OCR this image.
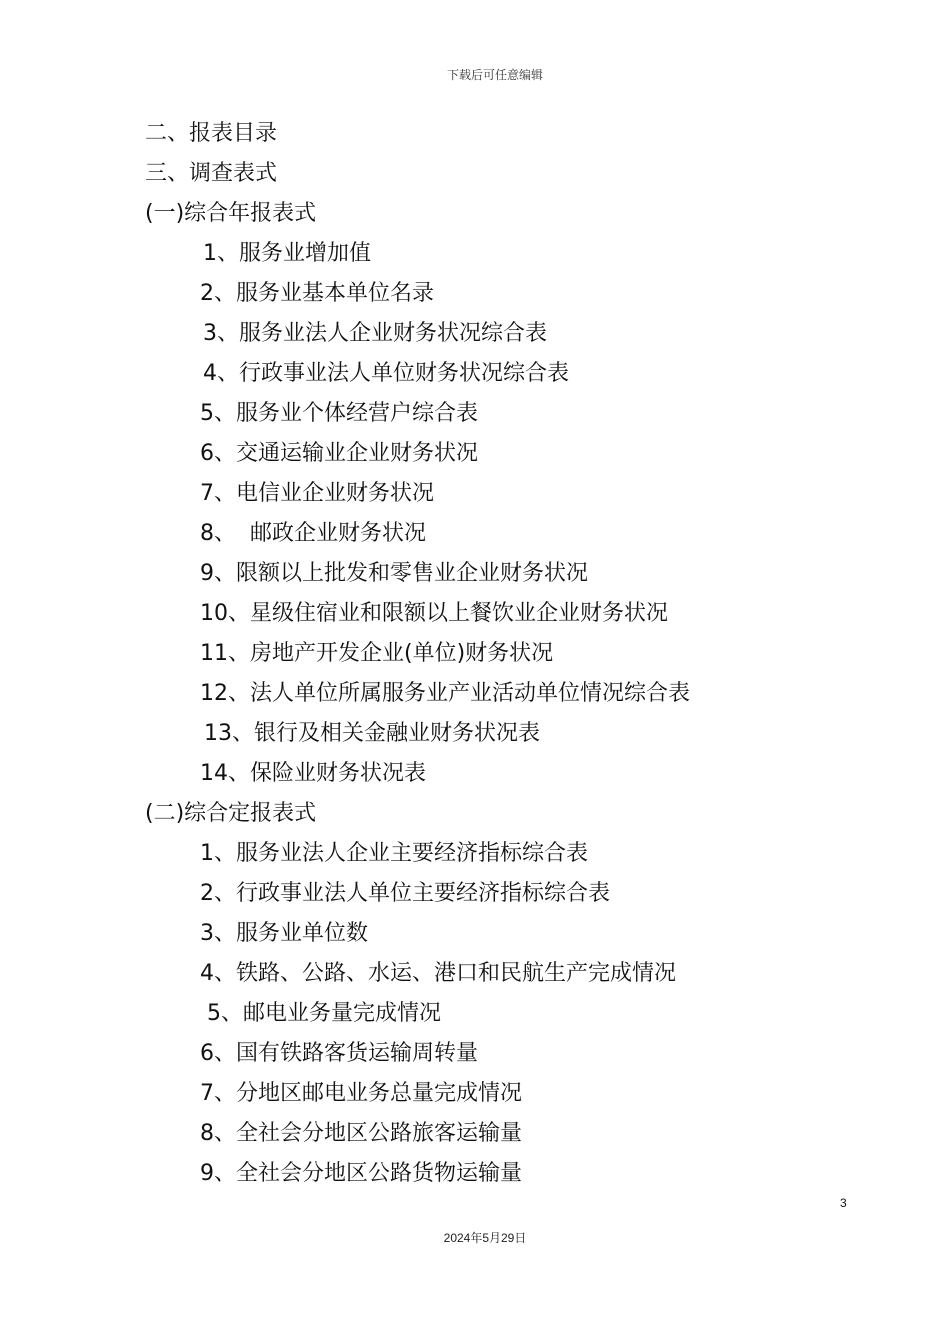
下载后可任意编辑
二、报表目录
三、调查表式
(一)综合年报表式
1、服务业增加值
2、服务业基本单位名录
3、服务业法人企业财务状况综合表
4、行政事业法人单位财务状况综合表
5、服务业个体经营户综合表
6、交通运输业企业财务状况
7、电信业企业财务状况
8、  邮政企业财务状况
9、限额以上批发和零售业企业财务状况
10、星级住宿业和限额以上餐饮业企业财务状况
11、房地产开发企业(单位)财务状况
12、法人单位所属服务业产业活动单位情况综合表
13、银行及相关金融业财务状况表
14、保险业财务状况表
(二)综合定报表式
1、服务业法人企业主要经济指标综合表
2、行政事业法人单位主要经济指标综合表
3、服务业单位数
4、铁路、公路、水运、港口和民航生产完成情况
5、邮电业务量完成情况
6、国有铁路客货运输周转量
7、分地区邮电业务总量完成情况
8、全社会分地区公路旅客运输量
9、全社会分地区公路货物运输量
3
2024年5月29日
